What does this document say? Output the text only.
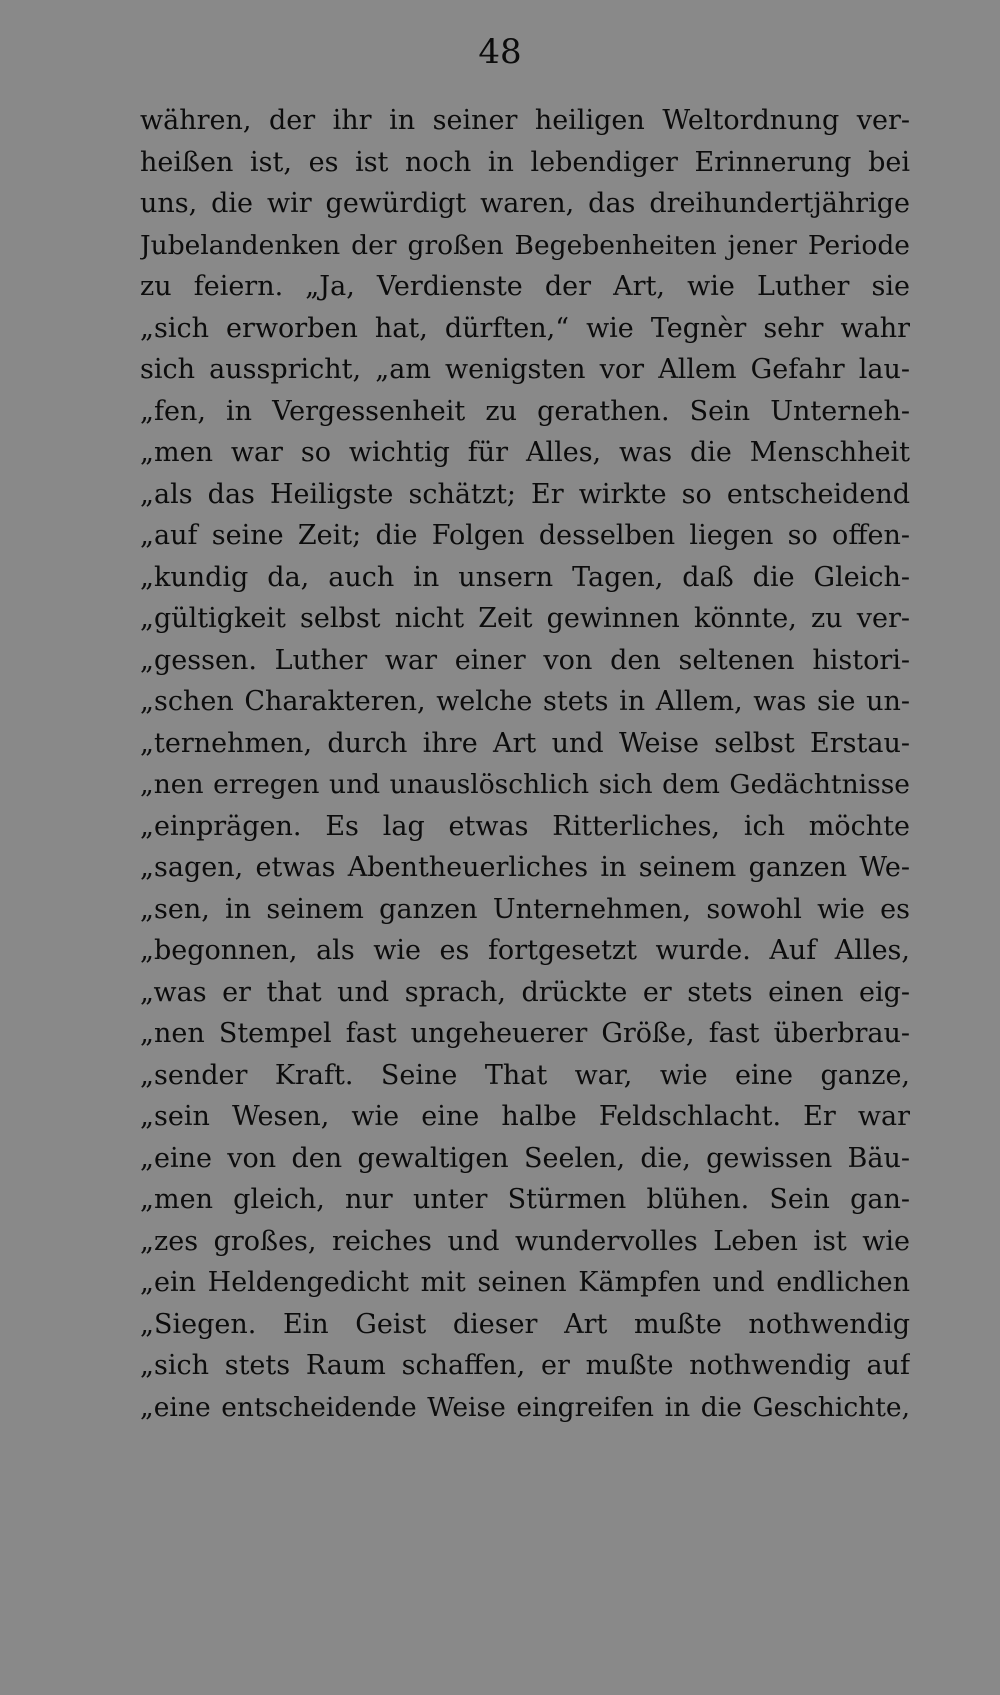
48
währen, der ihr in seiner heiligen Weltordnung ver-
heißen ist, es ist noch in lebendiger Erinnerung bei
uns, die wir gewürdigt waren, das dreihundertjährige
Jubelandenken der großen Begebenheiten jener Periode
zu feiern. „Ja, Verdienste der Art, wie Luther sie
„sich erworben hat, dürften,“ wie Tegnèr sehr wahr
sich ausspricht, „am wenigsten vor Allem Gefahr lau-
„fen, in Vergessenheit zu gerathen. Sein Unterneh-
„men war so wichtig für Alles, was die Menschheit
„als das Heiligste schätzt; Er wirkte so entscheidend
„auf seine Zeit; die Folgen desselben liegen so offen-
„kundig da, auch in unsern Tagen, daß die Gleich-
„gültigkeit selbst nicht Zeit gewinnen könnte, zu ver-
„gessen. Luther war einer von den seltenen histori-
„schen Charakteren, welche stets in Allem, was sie un-
„ternehmen, durch ihre Art und Weise selbst Erstau-
„nen erregen und unauslöschlich sich dem Gedächtnisse
„einprägen. Es lag etwas Ritterliches, ich möchte
„sagen, etwas Abentheuerliches in seinem ganzen We-
„sen, in seinem ganzen Unternehmen, sowohl wie es
„begonnen, als wie es fortgesetzt wurde. Auf Alles,
„was er that und sprach, drückte er stets einen eig-
„nen Stempel fast ungeheuerer Größe, fast überbrau-
„sender Kraft. Seine That war, wie eine ganze,
„sein Wesen, wie eine halbe Feldschlacht. Er war
„eine von den gewaltigen Seelen, die, gewissen Bäu-
„men gleich, nur unter Stürmen blühen. Sein gan-
„zes großes, reiches und wundervolles Leben ist wie
„ein Heldengedicht mit seinen Kämpfen und endlichen
„Siegen. Ein Geist dieser Art mußte nothwendig
„sich stets Raum schaffen, er mußte nothwendig auf
„eine entscheidende Weise eingreifen in die Geschichte,
